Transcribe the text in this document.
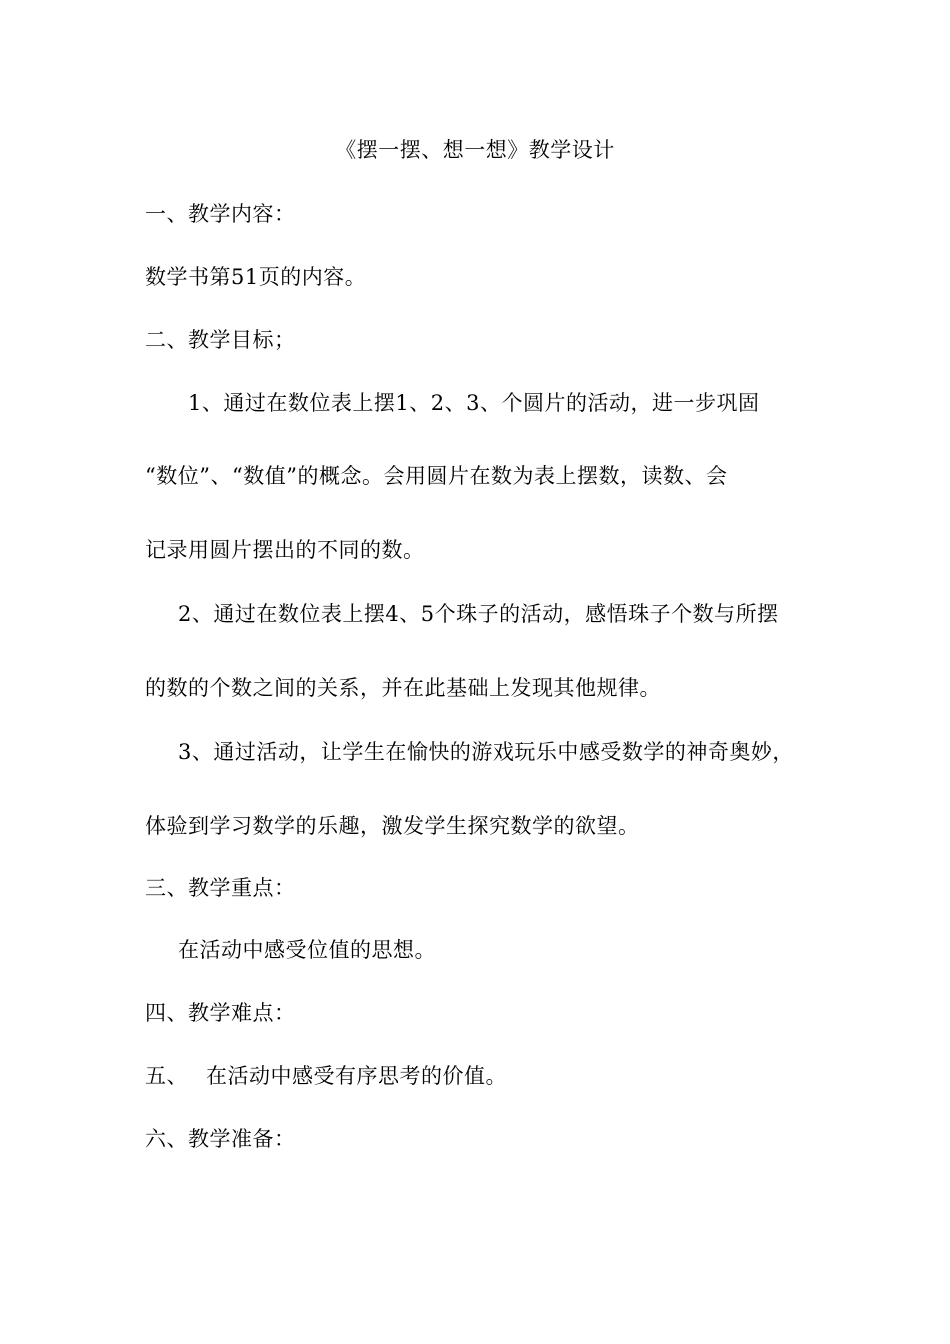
《摆一摆、想一想》教学设计
一、教学内容：
数学书第51页的内容。
二、教学目标；
1、通过在数位表上摆1、2、3、个圆片的活动，进一步巩固
“数位”、“数值”的概念。会用圆片在数为表上摆数，读数、会
记录用圆片摆出的不同的数。
2、通过在数位表上摆4、5个珠子的活动，感悟珠子个数与所摆
的数的个数之间的关系，并在此基础上发现其他规律。
3、通过活动，让学生在愉快的游戏玩乐中感受数学的神奇奥妙，
体验到学习数学的乐趣，激发学生探究数学的欲望。
三、教学重点：
在活动中感受位值的思想。
四、教学难点：
五、 在活动中感受有序思考的价值。
六、教学准备：
